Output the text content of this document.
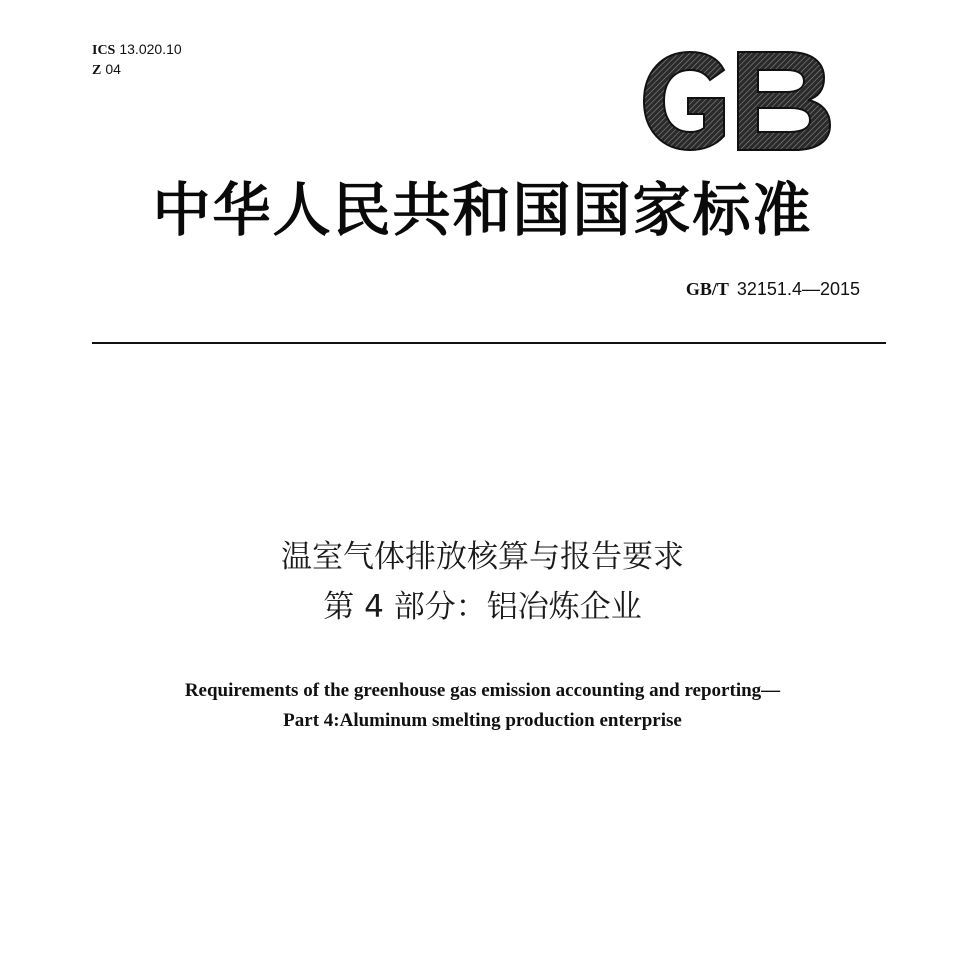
ICS 13.020.10
Z 04
中华人民共和国国家标准
GB/T 32151.4—2015
温室气体排放核算与报告要求
第 4 部分：铝冶炼企业
Requirements of the greenhouse gas emission accounting and reporting—
Part 4:Aluminum smelting production enterprise
